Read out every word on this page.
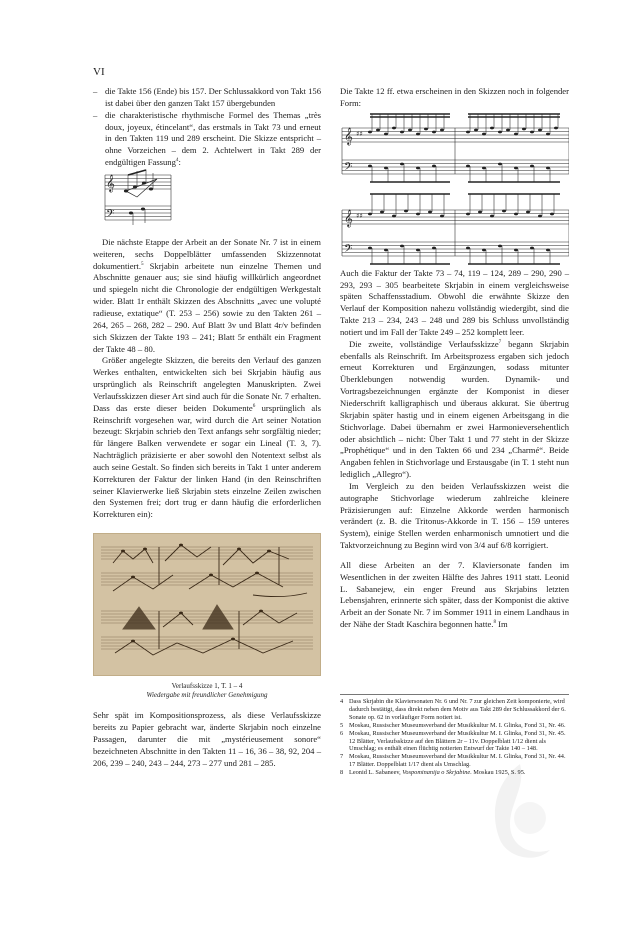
VI
– die Takte 156 (Ende) bis 157. Der Schlussakkord von Takt 156 ist dabei über den ganzen Takt 157 übergebunden
– die charakteristische rhythmische Formel des Themas „très doux, joyeux, étincelant“, das erstmals in Takt 73 und erneut in den Takten 119 und 289 erscheint. Die Skizze entspricht – ohne Vorzeichen – dem 2. Achtelwert in Takt 289 der endgültigen Fassung$^4$:
𝄞
𝄢

Die nächste Etappe der Arbeit an der Sonate Nr. 7 ist in einem weiteren, sechs Doppelblätter umfassenden Skizzennotat dokumentiert.$^5$ Skrjabin arbeitete nun einzelne Themen und Abschnitte genauer aus; sie sind häufig willkürlich angeordnet und spiegeln nicht die Chronologie der endgültigen Werkgestalt wider. Blatt 1r enthält Skizzen des Abschnitts „avec une volupté radieuse, extatique“ (T. 253 – 256) sowie zu den Takten 261 – 264, 265 – 268, 282 – 290. Auf Blatt 3v und Blatt 4r/v befinden sich Skizzen der Takte 193 – 241; Blatt 5r enthält ein Fragment der Takte 48 – 80.

Größer angelegte Skizzen, die bereits den Verlauf des ganzen Werkes enthalten, entwickelten sich bei Skrjabin häufig aus ursprünglich als Reinschrift angelegten Manuskripten. Zwei Verlaufsskizzen dieser Art sind auch für die Sonate Nr. 7 erhalten. Dass das erste dieser beiden Dokumente$^6$ ursprünglich als Reinschrift vorgesehen war, wird durch die Art seiner Notation bezeugt: Skrjabin schrieb den Text anfangs sehr sorgfältig nieder; für längere Balken verwendete er sogar ein Lineal (T. 3, 7). Nachträglich präzisierte er aber sowohl den Notentext selbst als auch seine Gestalt. So finden sich bereits in Takt 1 unter anderem Korrekturen der Faktur der linken Hand (in den Reinschriften seiner Klavierwerke ließ Skrjabin stets einzelne Zeilen zwischen den Systemen frei; dort trug er dann häufig die erforderlichen Korrekturen ein):

Verlaufsskizze 1, T. 1 – 4
Wiedergabe mit freundlicher Genehmigung

Sehr spät im Kompositionsprozess, als diese Verlaufsskizze bereits zu Papier gebracht war, änderte Skrjabin noch einzelne Passagen, darunter die mit „mystérieusement sonore“ bezeichneten Abschnitte in den Takten 11 – 16, 36 – 38, 92, 204 – 206, 239 – 240, 243 – 244, 273 – 277 und 281 – 285.

Die Takte 12 ff. etwa erscheinen in den Skizzen noch in folgender Form:

𝄞
𝄢
𝄞
𝄢
♯♯
♯♯

Auch die Faktur der Takte 73 – 74, 119 – 124, 289 – 290, 290 – 293, 293 – 305 bearbeitete Skrjabin in einem vergleichsweise späten Schaffensstadium. Obwohl die erwähnte Skizze den Verlauf der Komposition nahezu vollständig wiedergibt, sind die Takte 213 – 234, 243 – 248 und 289 bis Schluss unvollständig notiert und im Fall der Takte 249 – 252 komplett leer.

Die zweite, vollständige Verlaufsskizze$^7$ begann Skrjabin ebenfalls als Reinschrift. Im Arbeitsprozess ergaben sich jedoch erneut Korrekturen und Ergänzungen, sodass mitunter Überklebungen notwendig wurden. Dynamik- und Vortragsbezeichnungen ergänzte der Komponist in dieser Niederschrift kalligraphisch und überaus akkurat. Sie übertrug Skrjabin später hastig und in einem eigenen Arbeitsgang in die Stichvorlage. Dabei übernahm er zwei Harmonieversehentlich oder absichtlich – nicht: Über Takt 1 und 77 steht in der Skizze „Prophétique“ und in den Takten 66 und 234 „Charmé“. Beide Angaben fehlen in Stichvorlage und Erstausgabe (in T. 1 steht nun lediglich „Allegro“).

Im Vergleich zu den beiden Verlaufsskizzen weist die autographe Stichvorlage wiederum zahlreiche kleinere Präzisierungen auf: Einzelne Akkorde werden harmonisch verändert (z. B. die Tritonus-Akkorde in T. 156 – 159 unteres System), einige Stellen werden enharmonisch umnotiert und die Taktvorzeichnung zu Beginn wird von 3/4 auf 6/8 korrigiert.

All diese Arbeiten an der 7. Klaviersonate fanden im Wesentlichen in der zweiten Hälfte des Jahres 1911 statt. Leonid L. Sabanejew, ein enger Freund aus Skrjabins letzten Lebensjahren, erinnerte sich später, dass der Komponist die aktive Arbeit an der Sonate Nr. 7 im Sommer 1911 in einem Landhaus in der Nähe der Stadt Kaschira begonnen hatte.$^8$ Im

4 Dass Skrjabin die Klaviersonaten Nr. 6 und Nr. 7 zur gleichen Zeit komponierte, wird dadurch bestätigt, dass direkt neben dem Motiv aus Takt 289 der Schlussakkord der 6. Sonate op. 62 in vorläufiger Form notiert ist.
5 Moskau, Russischer Museumsverband der Musikkultur M. I. Glinka, Fond 31, Nr. 46.
6 Moskau, Russischer Museumsverband der Musikkultur M. I. Glinka, Fond 31, Nr. 45. 12 Blätter, Verlaufsskizze auf den Blättern 2r – 11v. Doppelblatt 1/12 dient als Umschlag; es enthält einen flüchtig notierten Entwurf der Takte 140 – 148.
7 Moskau, Russischer Museumsverband der Musikkultur M. I. Glinka, Fond 31, Nr. 44. 17 Blätter. Doppelblatt 1/17 dient als Umschlag.
8 Leonid L. Sabanеev, Vospominanija o Skrjabine. Moskau 1925, S. 95.
